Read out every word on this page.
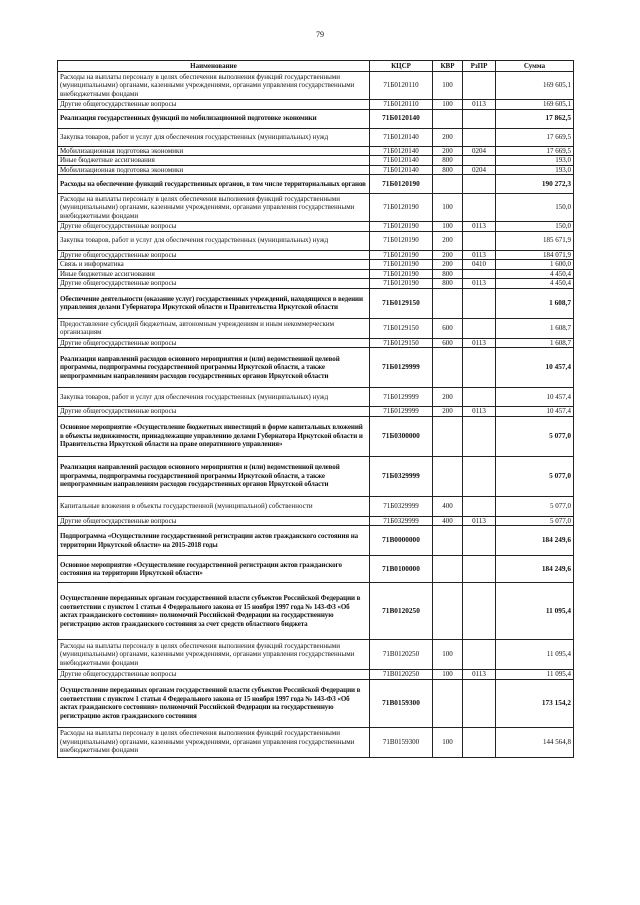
79
Наименование	КЦСР	КВР	РзПР	Сумма
Расходы на выплаты персоналу в целях обеспечения выполнения функций государственными (муниципальными) органами, казенными учреждениями, органами управления государственными внебюджетными фондами	71Б0120110	100		169 605,1
Другие общегосударственные вопросы	71Б0120110	100	0113	169 605,1
Реализация государственных функций по мобилизационной подготовке экономики	71Б0120140			17 862,5
Закупка товаров, работ и услуг для обеспечения государственных (муниципальных) нужд	71Б0120140	200		17 669,5
Мобилизационная подготовка экономики	71Б0120140	200	0204	17 669,5
Иные бюджетные ассигнования	71Б0120140	800		193,0
Мобилизационная подготовка экономики	71Б0120140	800	0204	193,0
Расходы на обеспечение функций государственных органов, в том числе территориальных органов	71Б0120190			190 272,3
Расходы на выплаты персоналу в целях обеспечения выполнения функций государственными (муниципальными) органами, казенными учреждениями, органами управления государственными внебюджетными фондами	71Б0120190	100		150,0
Другие общегосударственные вопросы	71Б0120190	100	0113	150,0
Закупка товаров, работ и услуг для обеспечения государственных (муниципальных) нужд	71Б0120190	200		185 671,9
Другие общегосударственные вопросы	71Б0120190	200	0113	184 071,9
Связь и информатика	71Б0120190	200	0410	1 600,0
Иные бюджетные ассигнования	71Б0120190	800		4 450,4
Другие общегосударственные вопросы	71Б0120190	800	0113	4 450,4
Обеспечение деятельности (оказание услуг) государственных учреждений, находящихся в ведении управления делами Губернатора Иркутской области и Правительства Иркутской области	71Б0129150			1 608,7
Предоставление субсидий бюджетным, автономным учреждениям и иным некоммерческим организациям	71Б0129150	600		1 608,7
Другие общегосударственные вопросы	71Б0129150	600	0113	1 608,7
Реализация направлений расходов основного мероприятия и (или) ведомственной целевой программы, подпрограммы государственной программы Иркутской области, а также непрограммным направлениям расходов государственных органов Иркутской области	71Б0129999			10 457,4
Закупка товаров, работ и услуг для обеспечения государственных (муниципальных) нужд	71Б0129999	200		10 457,4
Другие общегосударственные вопросы	71Б0129999	200	0113	10 457,4
Основное мероприятие «Осуществление бюджетных инвестиций в форме капитальных вложений в объекты недвижимости, принадлежащие управлению делами Губернатора Иркутской области и Правительства Иркутской области на праве оперативного управления»	71Б0300000			5 077,0
Реализация направлений расходов основного мероприятия и (или) ведомственной целевой программы, подпрограммы государственной программы Иркутской области, а также непрограммным направлениям расходов государственных органов Иркутской области	71Б0329999			5 077,0
Капитальные вложения в объекты государственной (муниципальной) собственности	71Б0329999	400		5 077,0
Другие общегосударственные вопросы	71Б0329999	400	0113	5 077,0
Подпрограмма «Осуществление государственной регистрации актов гражданского состояния на территории Иркутской области» на 2015-2018 годы	71В0000000			184 249,6
Основное мероприятие «Осуществление государственной регистрации актов гражданского состояния на территории Иркутской области»	71В0100000			184 249,6
Осуществление переданных органам государственной власти субъектов Российской Федерации в соответствии с пунктом 1 статьи 4 Федерального закона от 15 ноября 1997 года № 143-ФЗ «Об актах гражданского состояния» полномочий Российской Федерации на государственную регистрацию актов гражданского состояния за счет средств областного бюджета	71В0120250			11 095,4
Расходы на выплаты персоналу в целях обеспечения выполнения функций государственными (муниципальными) органами, казенными учреждениями, органами управления государственными внебюджетными фондами	71В0120250	100		11 095,4
Другие общегосударственные вопросы	71В0120250	100	0113	11 095,4
Осуществление переданных органам государственной власти субъектов Российской Федерации в соответствии с пунктом 1 статьи 4 Федерального закона от 15 ноября 1997 года № 143-ФЗ «Об актах гражданского состояния» полномочий Российской Федерации на государственную регистрацию актов гражданского состояния	71В0159300			173 154,2
Расходы на выплаты персоналу в целях обеспечения выполнения функций государственными (муниципальными) органами, казенными учреждениями, органами управления государственными внебюджетными фондами	71В0159300	100		144 564,8
